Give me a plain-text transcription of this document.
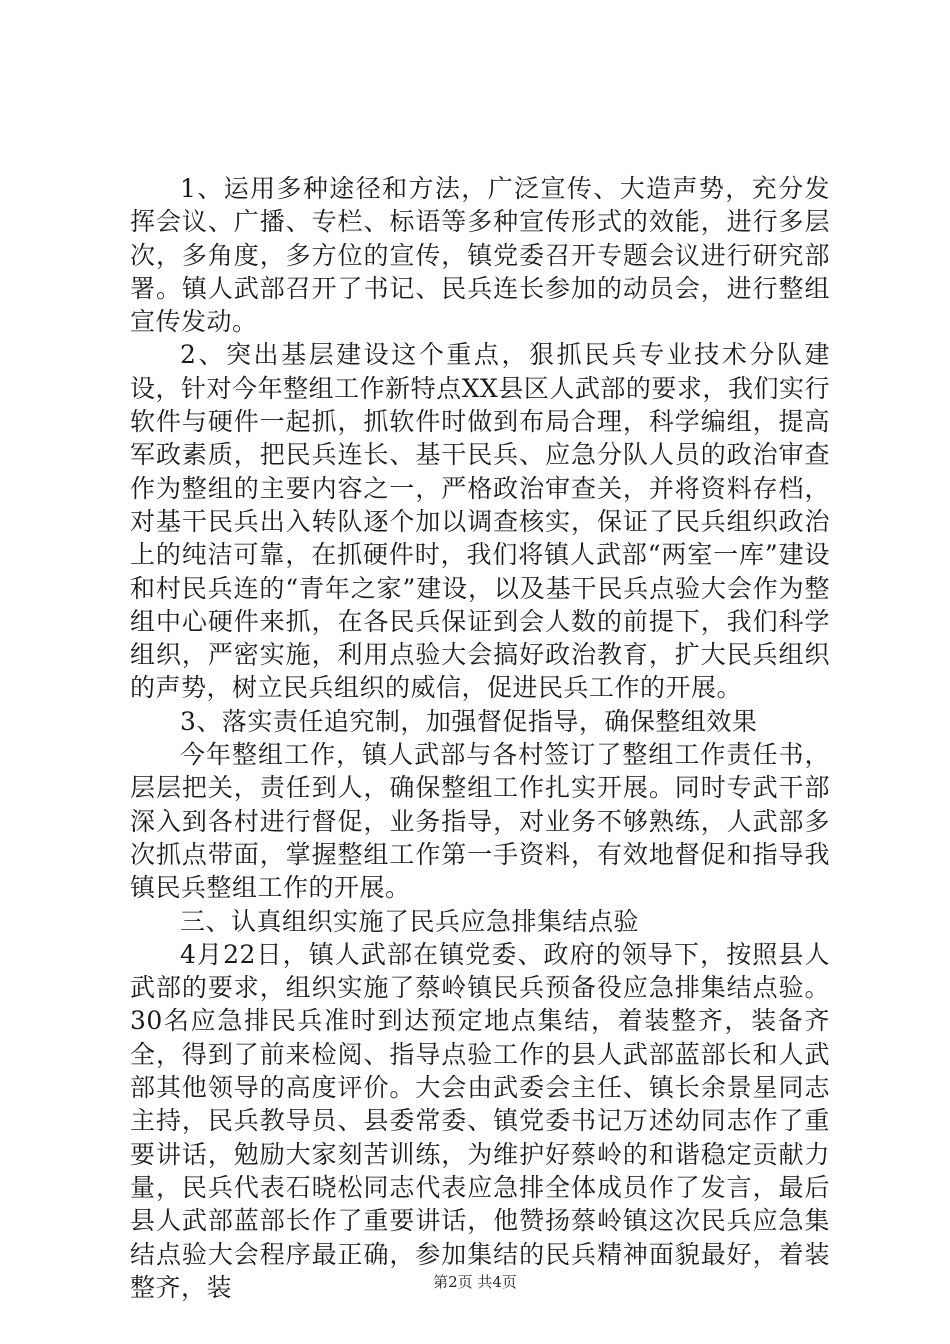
1、运用多种途径和方法，广泛宣传、大造声势，充分发挥会议、广播、专栏、标语等多种宣传形式的效能，进行多层次，多角度，多方位的宣传，镇党委召开专题会议进行研究部署。镇人武部召开了书记、民兵连长参加的动员会，进行整组宣传发动。

2、突出基层建设这个重点，狠抓民兵专业技术分队建设，针对今年整组工作新特点XX县区人武部的要求，我们实行软件与硬件一起抓，抓软件时做到布局合理，科学编组，提高军政素质，把民兵连长、基干民兵、应急分队人员的政治审查作为整组的主要内容之一，严格政治审查关，并将资料存档，对基干民兵出入转队逐个加以调查核实，保证了民兵组织政治上的纯洁可靠，在抓硬件时，我们将镇人武部“两室一库”建设和村民兵连的“青年之家”建设，以及基干民兵点验大会作为整组中心硬件来抓，在各民兵保证到会人数的前提下，我们科学组织，严密实施，利用点验大会搞好政治教育，扩大民兵组织的声势，树立民兵组织的威信，促进民兵工作的开展。

3、落实责任追究制，加强督促指导，确保整组效果

今年整组工作，镇人武部与各村签订了整组工作责任书，层层把关，责任到人，确保整组工作扎实开展。同时专武干部深入到各村进行督促，业务指导，对业务不够熟练，人武部多次抓点带面，掌握整组工作第一手资料，有效地督促和指导我镇民兵整组工作的开展。

三、认真组织实施了民兵应急排集结点验

4月22日，镇人武部在镇党委、政府的领导下，按照县人武部的要求，组织实施了蔡岭镇民兵预备役应急排集结点验。30名应急排民兵准时到达预定地点集结，着装整齐，装备齐全，得到了前来检阅、指导点验工作的县人武部蓝部长和人武部其他领导的高度评价。大会由武委会主任、镇长余景星同志主持，民兵教导员、县委常委、镇党委书记万述幼同志作了重要讲话，勉励大家刻苦训练，为维护好蔡岭的和谐稳定贡献力量，民兵代表石晓松同志代表应急排全体成员作了发言，最后县人武部蓝部长作了重要讲话，他赞扬蔡岭镇这次民兵应急集结点验大会程序最正确，参加集结的民兵精神面貌最好，着装整齐，装	第2页 共4页
